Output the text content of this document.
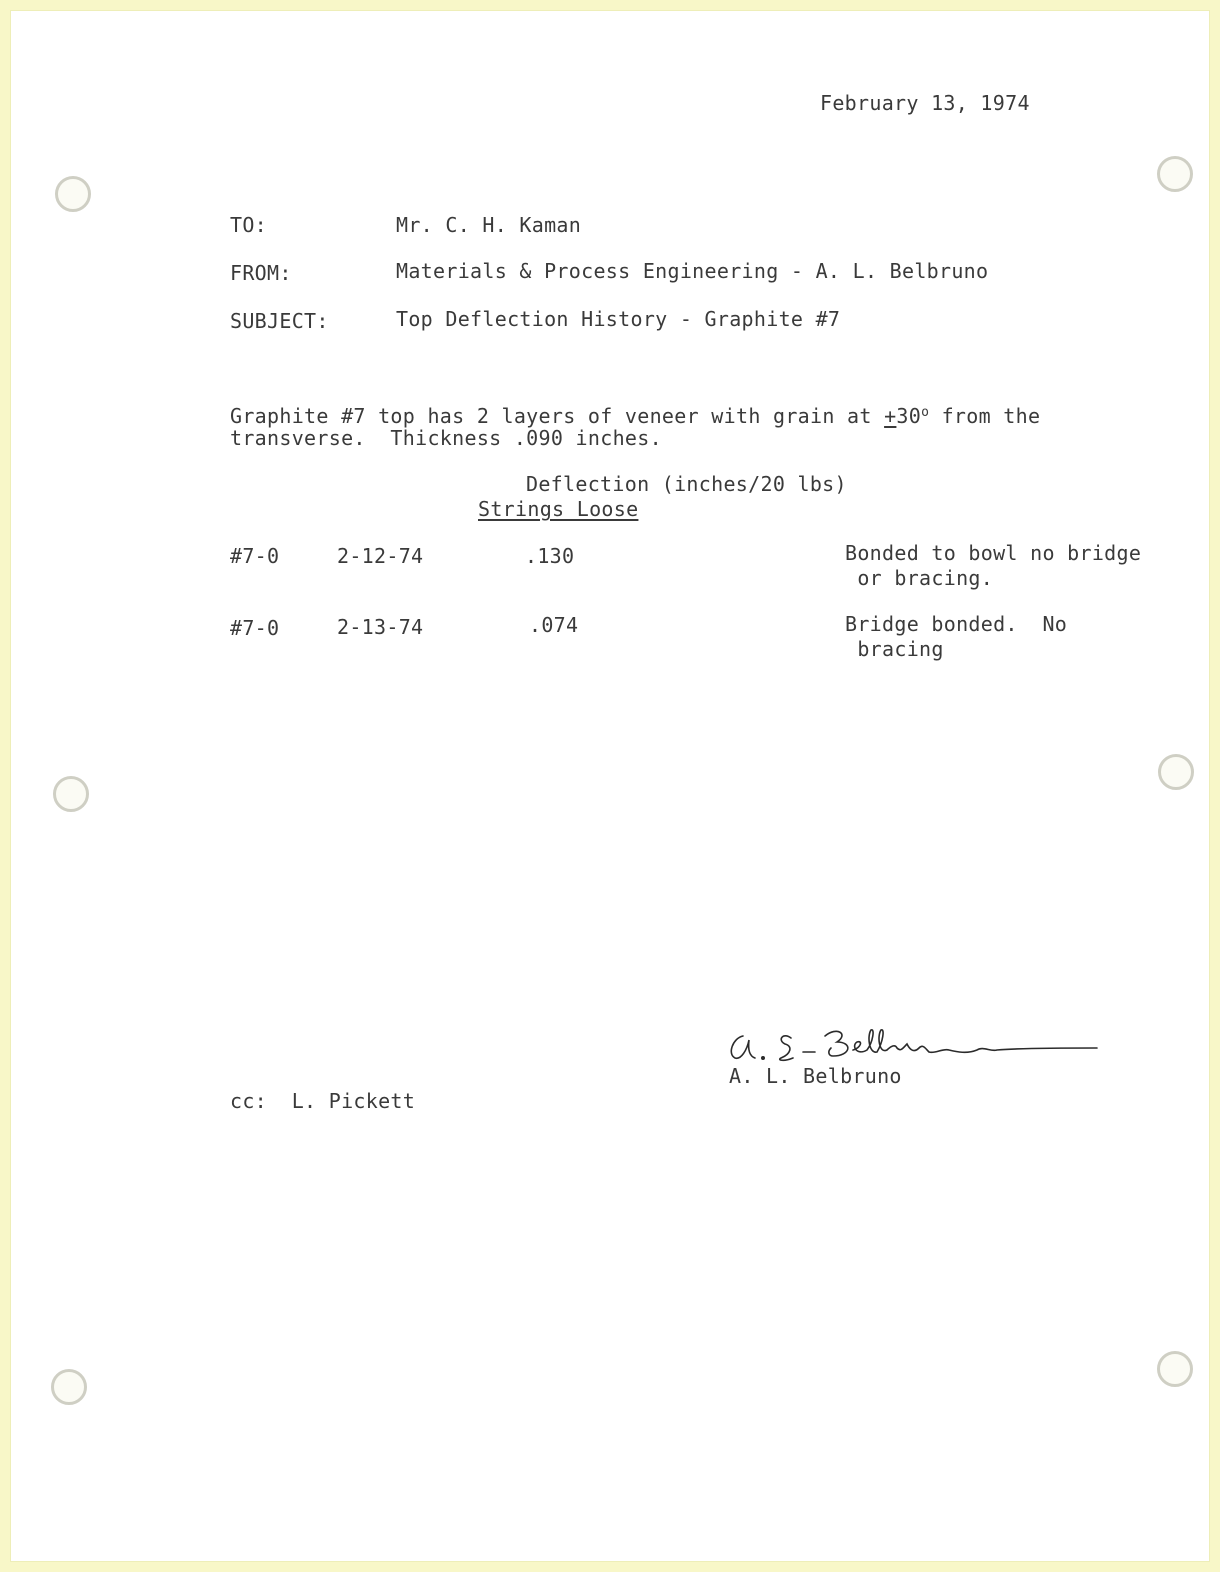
February 13, 1974
TO:	Mr. C. H. Kaman
FROM:	Materials & Process Engineering - A. L. Belbruno
SUBJECT:	Top Deflection History - Graphite #7
Graphite #7 top has 2 layers of veneer with grain at $+30^o$ from the
transverse.  Thickness .090 inches.
Deflection (inches/20 lbs)
Strings Loose
#7-0	2-12-74	.130	Bonded to bowl no bridge
or bracing.
#7-0	2-13-74	.074	Bridge bonded.  No
bracing
A. L. Belbruno
cc:  L. Pickett
